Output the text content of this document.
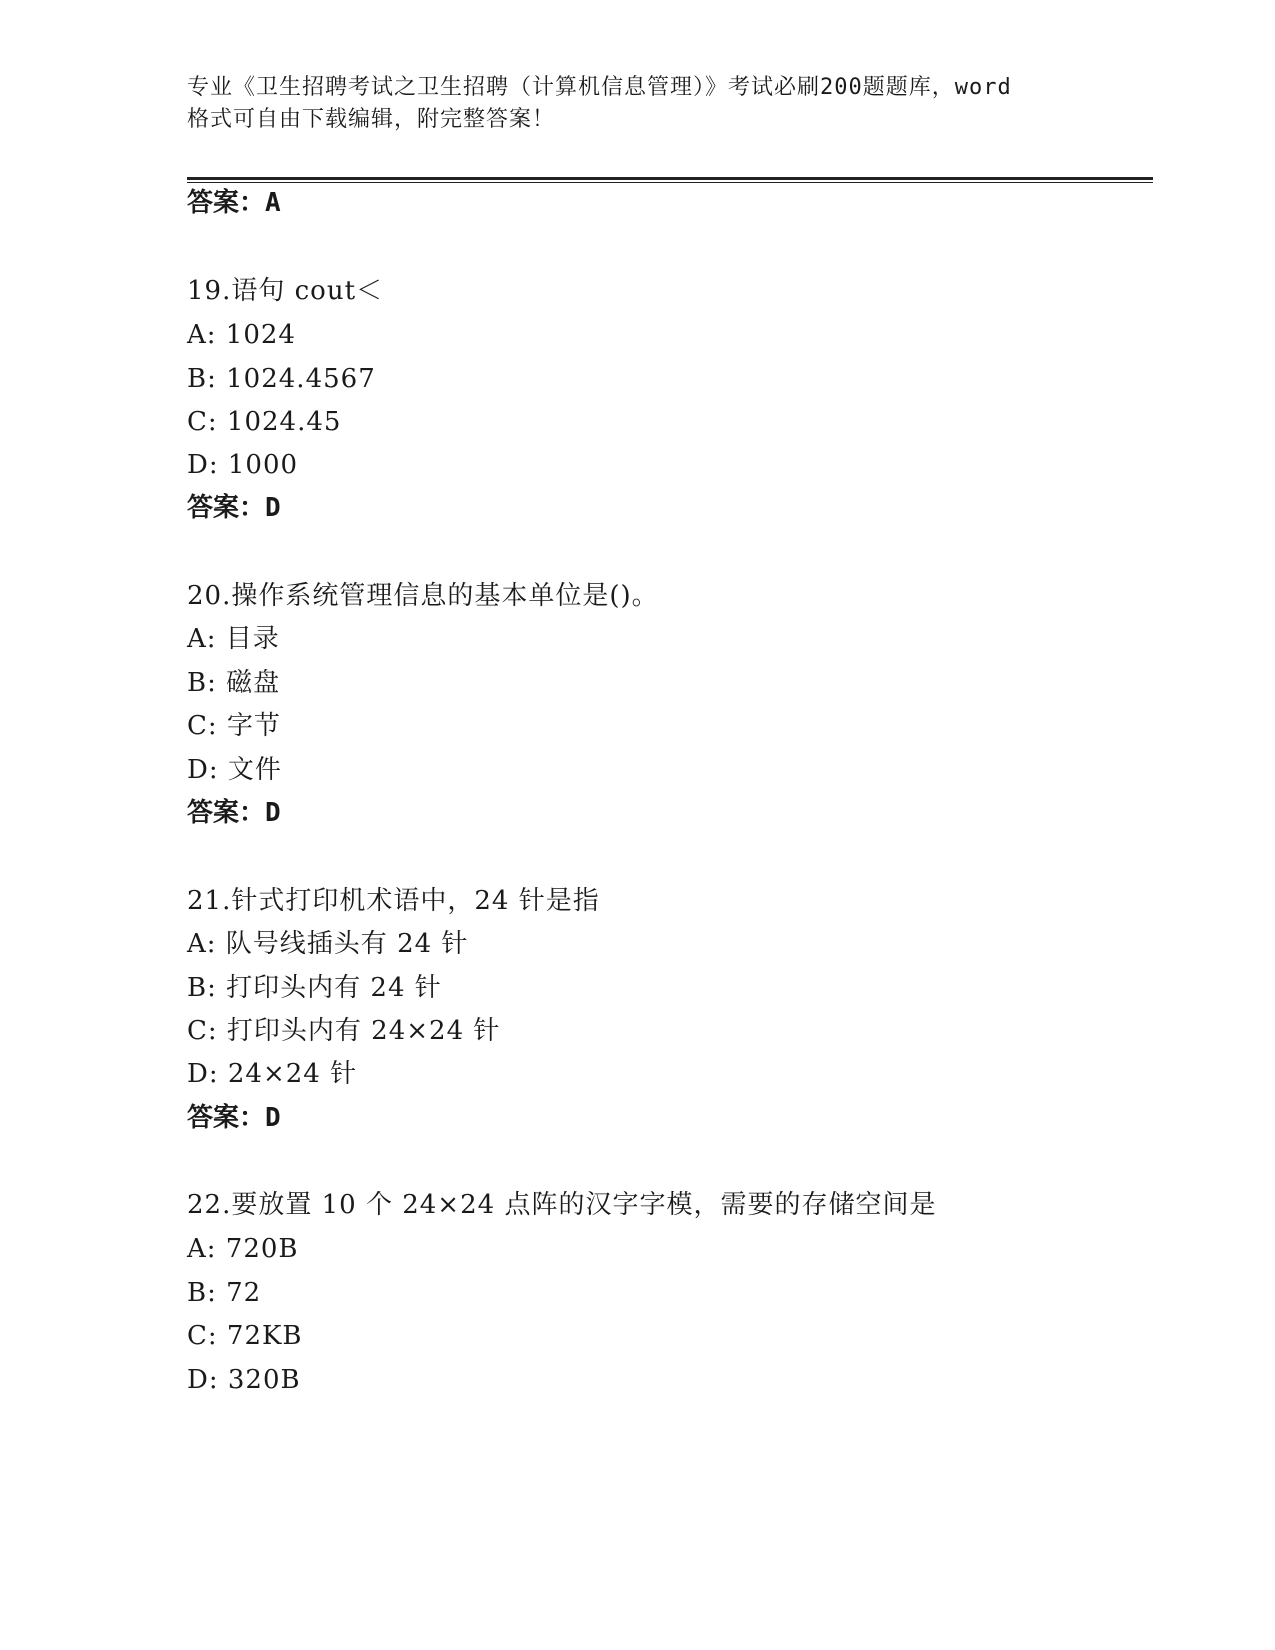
专业《卫生招聘考试之卫生招聘（计算机信息管理）》考试必刷200题题库，word
格式可自由下载编辑，附完整答案！
答案：A
19.语句 cout＜
A: 1024
B: 1024.4567
C: 1024.45
D: 1000
答案：D
20.操作系统管理信息的基本单位是()。
A: 目录
B: 磁盘
C: 字节
D: 文件
答案：D
21.针式打印机术语中，24 针是指
A: 队号线插头有 24 针
B: 打印头内有 24 针
C: 打印头内有 24×24 针
D: 24×24 针
答案：D
22.要放置 10 个 24×24 点阵的汉字字模，需要的存储空间是
A: 720B
B: 72
C: 72KB
D: 320B
